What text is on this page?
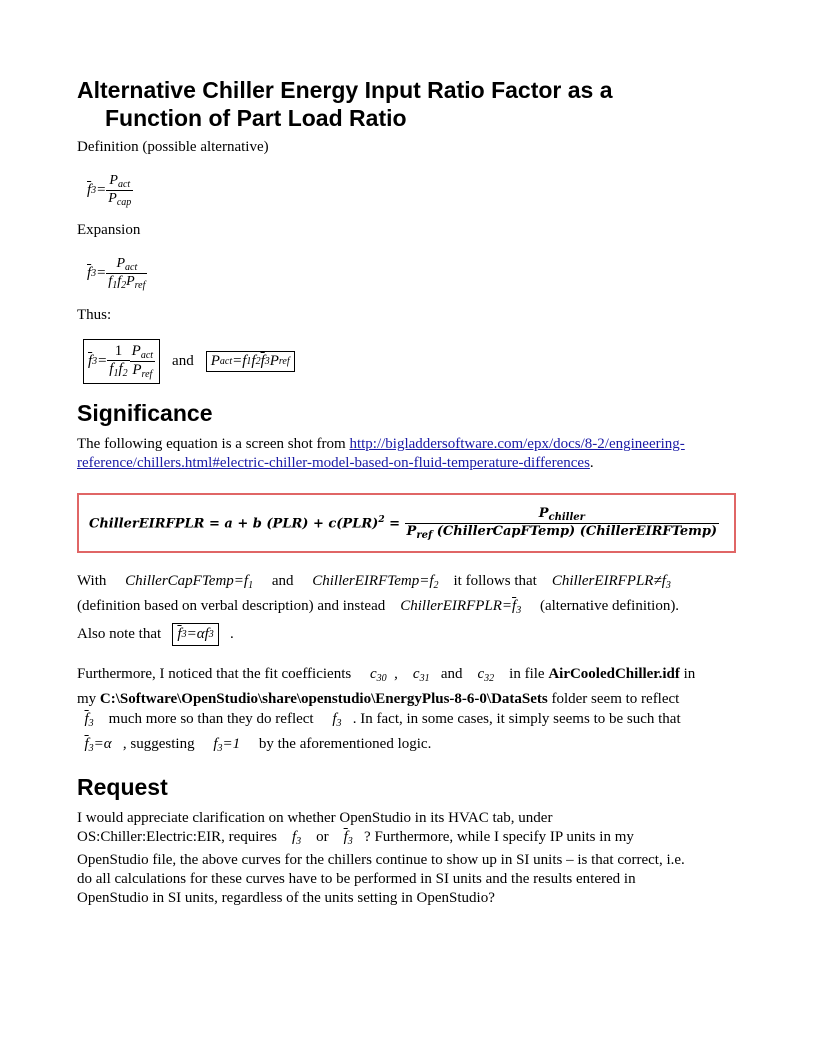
Alternative Chiller Energy Input Ratio Factor as a
Function of Part Load Ratio

Definition (possible alternative)

$\overline{f}$ $3 = \frac{P_{act}}{P_{cap}}$

Expansion

$\overline{f}$ $3 = \frac{P_{act}}{f_1f_2P_{ref}}$

Thus:

$\overline{f}$ $3 = \frac{1}{f_1f_2} \frac{P_{act}}{P_{ref}}$ and	P act =f 1 f 2 $\overline{f}$ 3 P ref
Significance

The following equation is a screen shot from http://bigladdersoftware.com/epx/docs/8-2/engineering-
reference/chillers.html#electric-chiller-model-based-on-fluid-temperature-differences.

ChillerEIRFPLR = a + b $(PLR) + c(PLR)^2 = \frac{P_{chiller}}{P_{ref} (ChillerCapFTemp) (ChillerEIRFTemp)}$
With $ChillerCapFTemp=f_1$ and $ChillerEIRFTemp=f_2$ it follows that $ChillerEIRFPLR\ne f_3$
(definition based on verbal description) and instead $ChillerEIRFPLR=\overline{f}_3$ (alternative definition).
Also note that $\overline{f}$ 3 =αf 3 .
Furthermore, I noticed that the fit coefficients $c_{30}$ , $c_{31}$ and $c_{32}$ in file AirCooledChiller.idf in
my C:\Software\OpenStudio\share\openstudio\EnergyPlus-8-6-0\DataSets folder seem to reflect
$\overline{f}_3$ much more so than they do reflect $f_3$ . In fact, in some cases, it simply seems to be such that
$\overline{f}_3=\alpha$ , suggesting $f_3=1$ by the aforementioned logic.
Request
I would appreciate clarification on whether OpenStudio in its HVAC tab, under
OS:Chiller:Electric:EIR, requires $f_3$ or $\overline{f}_3$ ? Furthermore, while I specify IP units in my
OpenStudio file, the above curves for the chillers continue to show up in SI units – is that correct, i.e.
do all calculations for these curves have to be performed in SI units and the results entered in
OpenStudio in SI units, regardless of the units setting in OpenStudio?
